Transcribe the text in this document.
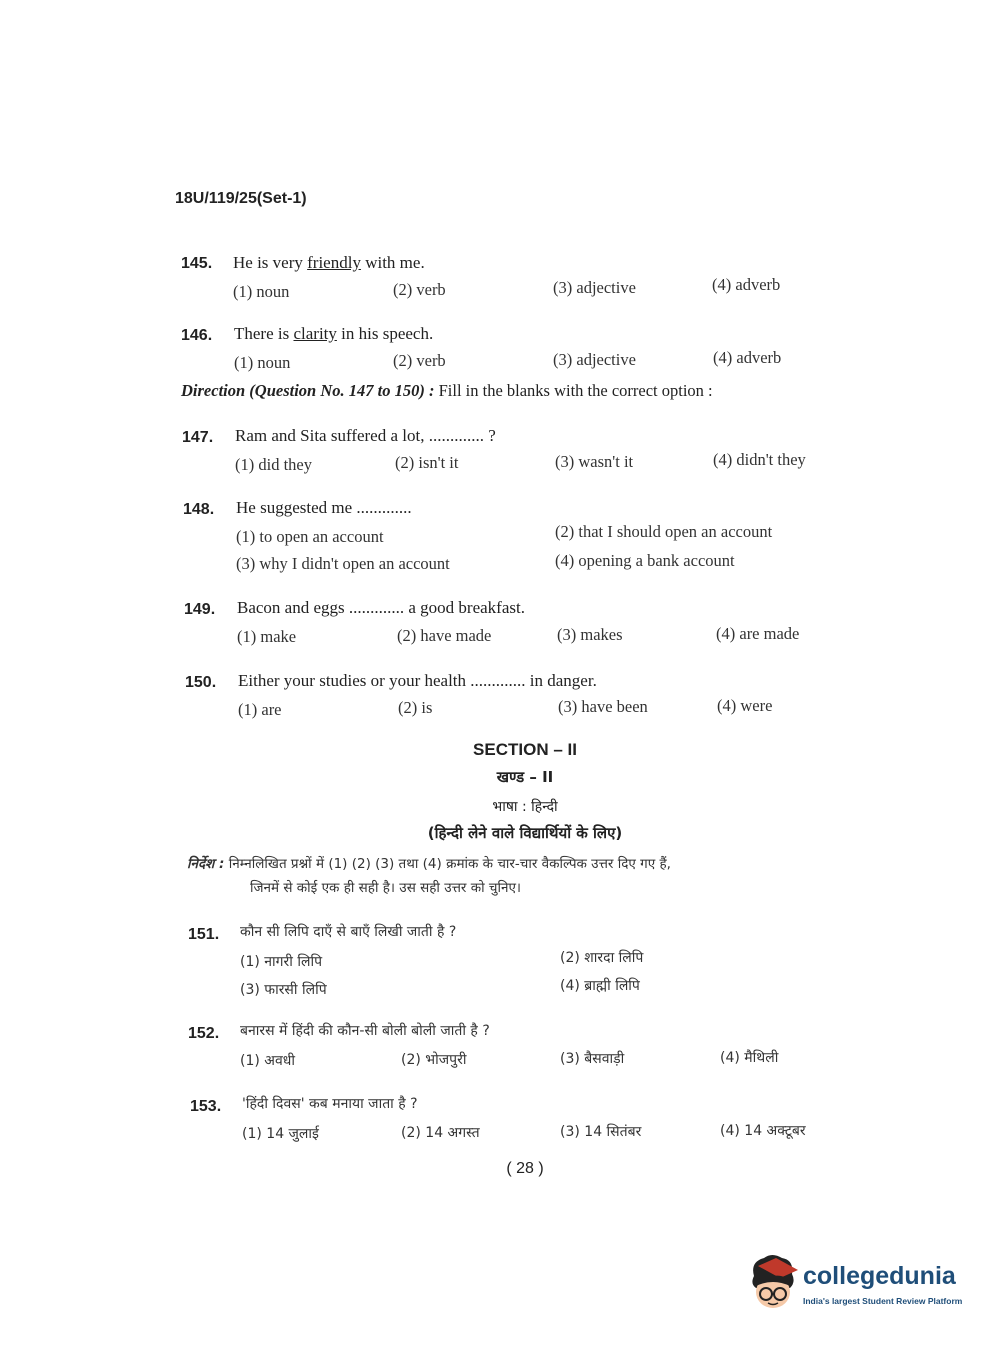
18U/119/25(Set-1)
145. He is very friendly with me.
(1) noun	(2) verb	(3) adjective	(4) adverb
146. There is clarity in his speech.
(1) noun	(2) verb	(3) adjective	(4) adverb
Direction (Question No. 147 to 150) : Fill in the blanks with the correct option :
147. Ram and Sita suffered a lot, ............. ?
(1) did they	(2) isn't it	(3) wasn't it	(4) didn't they
148. He suggested me .............
(1) to open an account	(2) that I should open an account
(3) why I didn't open an account	(4) opening a bank account
149. Bacon and eggs ............. a good breakfast.
(1) make	(2) have made	(3) makes	(4) are made
150. Either your studies or your health ............. in danger.
(1) are	(2) is	(3) have been	(4) were
SECTION – II
खण्ड – II
भाषा : हिन्दी
(हिन्दी लेने वाले विद्यार्थियों के लिए)
निर्देश : निम्नलिखित प्रश्नों में (1) (2) (3) तथा (4) क्रमांक के चार-चार वैकल्पिक उत्तर दिए गए हैं,
जिनमें से कोई एक ही सही है। उस सही उत्तर को चुनिए।
151. कौन सी लिपि दाएँ से बाएँ लिखी जाती है ?
(1) नागरी लिपि	(2) शारदा लिपि
(3) फारसी लिपि	(4) ब्राह्मी लिपि
152. बनारस में हिंदी की कौन-सी बोली बोली जाती है ?
(1) अवधी	(2) भोजपुरी	(3) बैसवाड़ी	(4) मैथिली
153. 'हिंदी दिवस' कब मनाया जाता है ?
(1) 14 जुलाई	(2) 14 अगस्त	(3) 14 सितंबर	(4) 14 अक्टूबर
( 28 )
collegedunia
India's largest Student Review Platform
